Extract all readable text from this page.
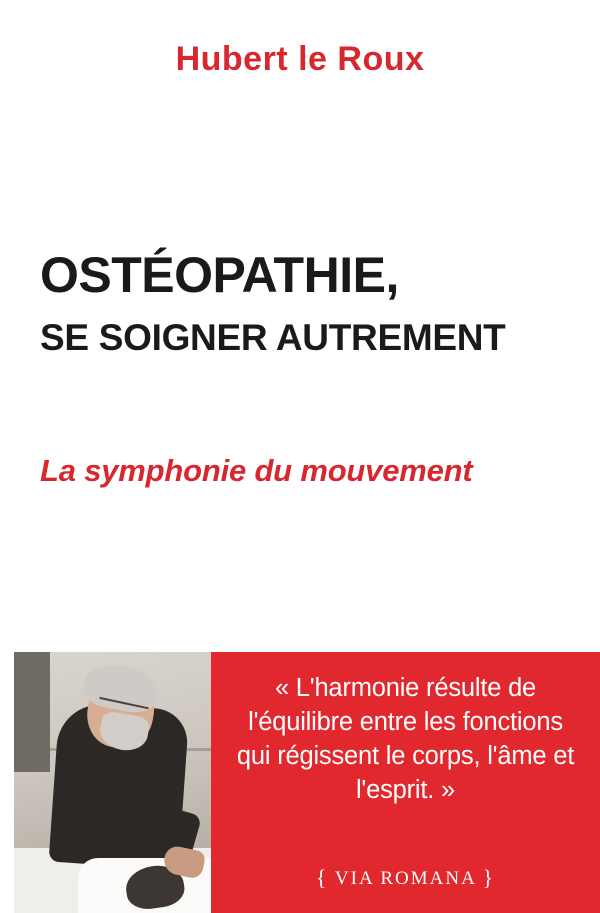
Hubert le Roux
OSTÉOPATHIE,
SE SOIGNER AUTREMENT
La symphonie du mouvement
« L'harmonie résulte de l'équilibre entre les fonctions qui régissent le corps, l'âme et l'esprit. »
{ VIA ROMANA }
